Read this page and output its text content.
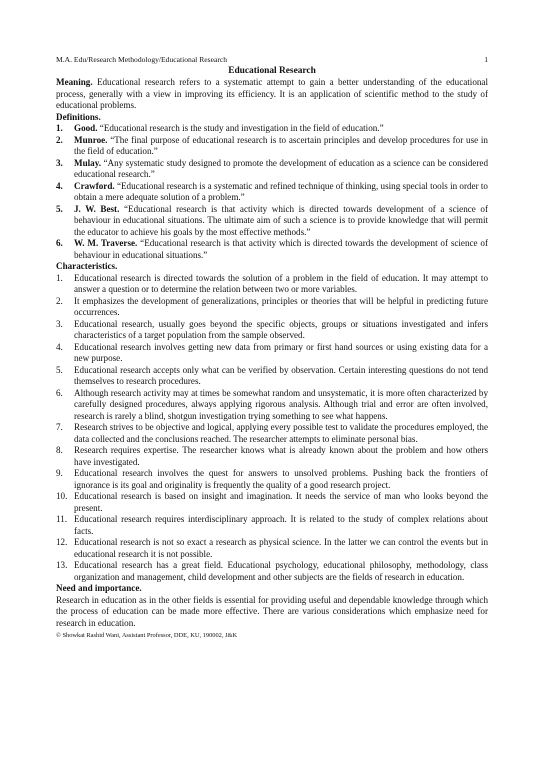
M.A. Edu/Research Methodology/Educational Research	1
Educational Research

Meaning. Educational research refers to a systematic attempt to gain a better understanding of the educational process, generally with a view in improving its efficiency. It is an application of scientific method to the study of educational problems.

Definitions.
1. Good. “Educational research is the study and investigation in the field of education.”
2. Munroe. “The final purpose of educational research is to ascertain principles and develop procedures for use in the field of education.”
3. Mulay. “Any systematic study designed to promote the development of education as a science can be considered educational research.”
4. Crawford. “Educational research is a systematic and refined technique of thinking, using special tools in order to obtain a mere adequate solution of a problem.”
5. J. W. Best. “Educational research is that activity which is directed towards development of a science of behaviour in educational situations. The ultimate aim of such a science is to provide knowledge that will permit the educator to achieve his goals by the most effective methods.”
6. W. M. Traverse. “Educational research is that activity which is directed towards the development of science of behaviour in educational situations.”
Characteristics.
1. Educational research is directed towards the solution of a problem in the field of education. It may attempt to answer a question or to determine the relation between two or more variables.
2. It emphasizes the development of generalizations, principles or theories that will be helpful in predicting future occurrences.
3. Educational research, usually goes beyond the specific objects, groups or situations investigated and infers characteristics of a target population from the sample observed.
4. Educational research involves getting new data from primary or first hand sources or using existing data for a new purpose.
5. Educational research accepts only what can be verified by observation. Certain interesting questions do not tend themselves to research procedures.
6. Although research activity may at times be somewhat random and unsystematic, it is more often characterized by carefully designed procedures, always applying rigorous analysis. Although trial and error are often involved, research is rarely a blind, shotgun investigation trying something to see what happens.
7. Research strives to be objective and logical, applying every possible test to validate the procedures employed, the data collected and the conclusions reached. The researcher attempts to eliminate personal bias.
8. Research requires expertise. The researcher knows what is already known about the problem and how others have investigated.
9. Educational research involves the quest for answers to unsolved problems. Pushing back the frontiers of ignorance is its goal and originality is frequently the quality of a good research project.
10. Educational research is based on insight and imagination. It needs the service of man who looks beyond the present.
11. Educational research requires interdisciplinary approach. It is related to the study of complex relations about facts.
12. Educational research is not so exact a research as physical science. In the latter we can control the events but in educational research it is not possible.
13. Educational research has a great field. Educational psychology, educational philosophy, methodology, class organization and management, child development and other subjects are the fields of research in education.
Need and importance.

Research in education as in the other fields is essential for providing useful and dependable knowledge through which the process of education can be made more effective. There are various considerations which emphasize need for research in education.

© Showkat Rashid Wani, Assistant Professor, DDE, KU, 190002, J&K
